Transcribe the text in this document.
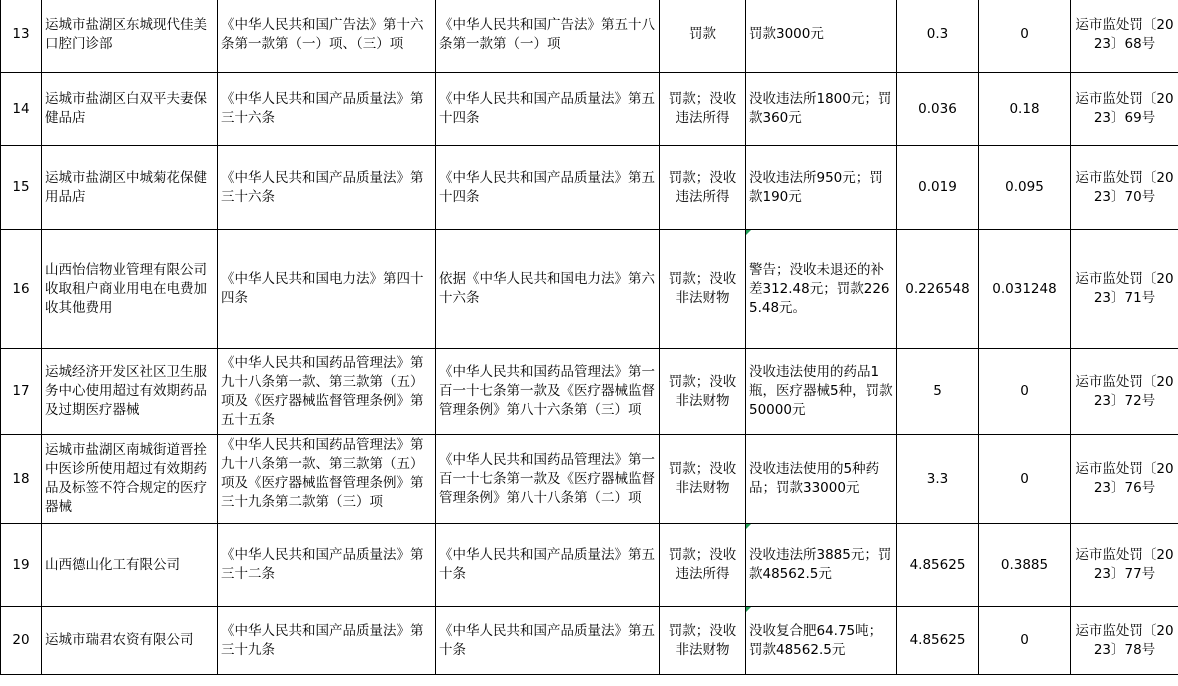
13	运城市盐湖区东城现代佳美口腔门诊部	《中华人民共和国广告法》第十六条第一款第（一）项、（三）项	《中华人民共和国广告法》第五十八条第一款第（一）项	罚款	罚款3000元	0.3	0	运市监处罚〔2023〕68号
14	运城市盐湖区白双平夫妻保健品店	《中华人民共和国产品质量法》第三十六条	《中华人民共和国产品质量法》第五十四条	罚款；没收违法所得	没收违法所1800元；罚款360元	0.036	0.18	运市监处罚〔2023〕69号
15	运城市盐湖区中城菊花保健用品店	《中华人民共和国产品质量法》第三十六条	《中华人民共和国产品质量法》第五十四条	罚款；没收违法所得	没收违法所950元；罚款190元	0.019	0.095	运市监处罚〔2023〕70号
16	山西怡信物业管理有限公司收取租户商业用电在电费加收其他费用	《中华人民共和国电力法》第四十四条	依据《中华人民共和国电力法》第六十六条	罚款；没收非法财物	警告；没收未退还的补差312.48元；罚款2265.48元。	0.226548	0.031248	运市监处罚〔2023〕71号
17	运城经济开发区社区卫生服务中心使用超过有效期药品及过期医疗器械	《中华人民共和国药品管理法》第九十八条第一款、第三款第（五）项及《医疗器械监督管理条例》第五十五条	《中华人民共和国药品管理法》第一百一十七条第一款及《医疗器械监督管理条例》第八十六条第（三）项	罚款；没收非法财物	没收违法使用的药品1瓶，医疗器械5种，罚款50000元	5	0	运市监处罚〔2023〕72号
18	运城市盐湖区南城街道晋拴中医诊所使用超过有效期药品及标签不符合规定的医疗器械	《中华人民共和国药品管理法》第九十八条第一款、第三款第（五）项及《医疗器械监督管理条例》第三十九条第二款第（三）项	《中华人民共和国药品管理法》第一百一十七条第一款及《医疗器械监督管理条例》第八十八条第（二）项	罚款；没收非法财物	没收违法使用的5种药品；罚款33000元	3.3	0	运市监处罚〔2023〕76号
19	山西德山化工有限公司	《中华人民共和国产品质量法》第三十二条	《中华人民共和国产品质量法》第五十条	罚款；没收违法所得	没收违法所3885元；罚款48562.5元	4.85625	0.3885	运市监处罚〔2023〕77号
20	运城市瑞君农资有限公司	《中华人民共和国产品质量法》第三十九条	《中华人民共和国产品质量法》第五十条	罚款；没收非法财物	没收复合肥64.75吨；罚款48562.5元	4.85625	0	运市监处罚〔2023〕78号
